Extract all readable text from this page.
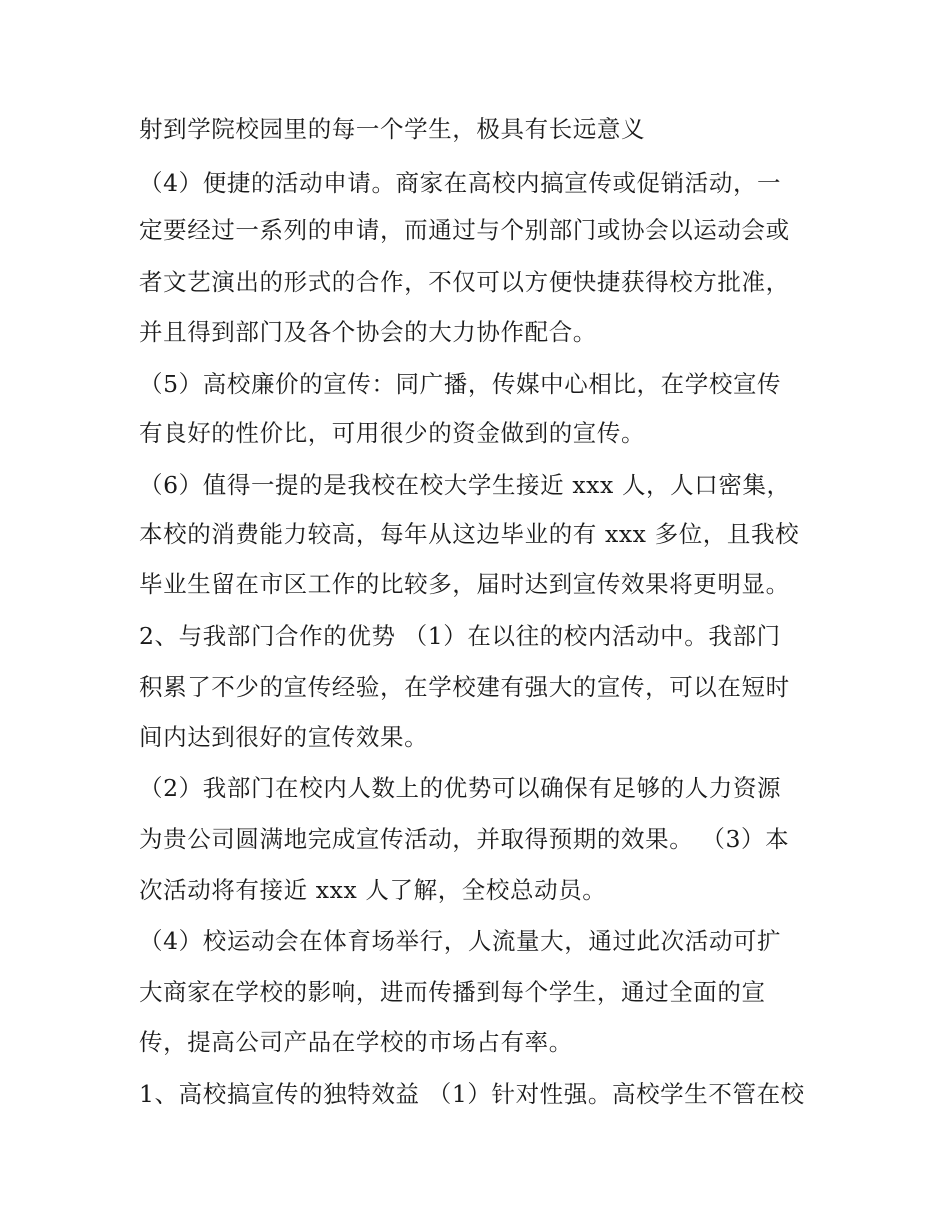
射到学院校园里的每一个学生，极具有长远意义
（4）便捷的活动申请。商家在高校内搞宣传或促销活动，一
定要经过一系列的申请，而通过与个别部门或协会以运动会或
者文艺演出的形式的合作，不仅可以方便快捷获得校方批准，
并且得到部门及各个协会的大力协作配合。
（5）高校廉价的宣传：同广播，传媒中心相比，在学校宣传
有良好的性价比，可用很少的资金做到的宣传。
（6）值得一提的是我校在校大学生接近 xxx 人，人口密集，
本校的消费能力较高，每年从这边毕业的有 xxx 多位，且我校
毕业生留在市区工作的比较多，届时达到宣传效果将更明显。
2、与我部门合作的优势 （1）在以往的校内活动中。我部门
积累了不少的宣传经验，在学校建有强大的宣传，可以在短时
间内达到很好的宣传效果。
（2）我部门在校内人数上的优势可以确保有足够的人力资源
为贵公司圆满地完成宣传活动，并取得预期的效果。 （3）本
次活动将有接近 xxx 人了解，全校总动员。
（4）校运动会在体育场举行，人流量大，通过此次活动可扩
大商家在学校的影响，进而传播到每个学生，通过全面的宣
传，提高公司产品在学校的市场占有率。
1、高校搞宣传的独特效益 （1）针对性强。高校学生不管在校
